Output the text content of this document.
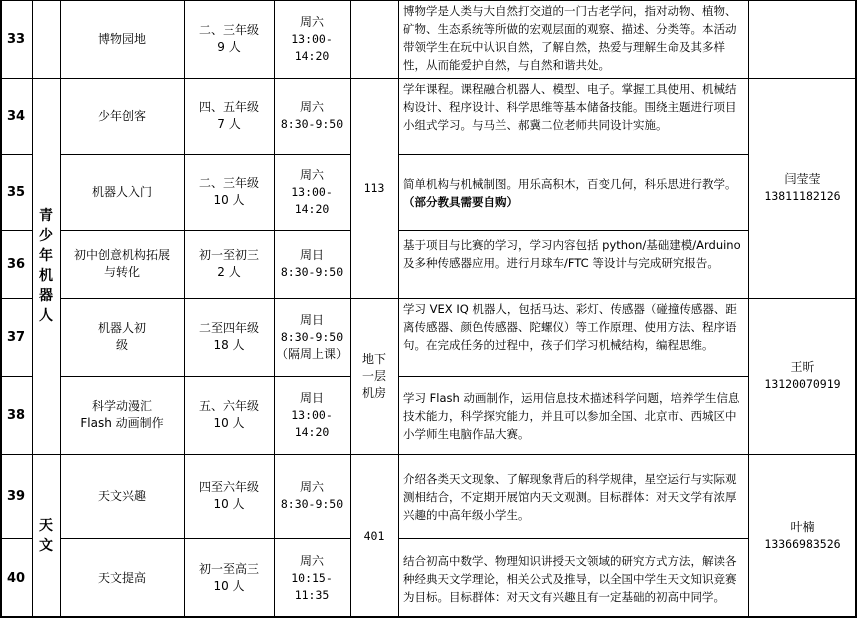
33
34
35
36
37
38
39
40
青少年机器人
天文
博物园地
少年创客
机器人入门
初中创意机构拓展与转化
机器人初级
科学动漫汇Flash 动画制作
天文兴趣
天文提高
二、三年级
9 人
四、五年级
7 人
二、三年级
10 人
初一至初三
2 人
二至四年级
18 人
五、六年级
10 人
四至六年级
10 人
初一至高三
10 人
周六
13:00-14:20
周六
8:30-9:50
周六
13:00-14:20
周日
8:30-9:50
周日
8:30-9:50
（隔周上课）
周日
13:00-14:20
周六
8:30-9:50
周六
10:15-11:35
113
地下一层机房
401
博物学是人类与大自然打交道的一门古老学问，指对动物、植物、矿物、生态系统等所做的宏观层面的观察、描述、分类等。本活动带领学生在玩中认识自然，了解自然，热爱与理解生命及其多样性，从而能爱护自然，与自然和谐共处。
学年课程。课程融合机器人、模型、电子。掌握工具使用、机械结构设计、程序设计、科学思维等基本储备技能。围绕主题进行项目小组式学习。与马兰、郝冀二位老师共同设计实施。
简单机构与机械制图。用乐高积木，百变几何，科乐思进行教学。
（部分教具需要自购）
基于项目与比赛的学习，学习内容包括 python/基础建模/Arduino 及多种传感器应用。进行月球车/FTC 等设计与完成研究报告。
学习 VEX IQ 机器人，包括马达、彩灯、传感器（碰撞传感器、距离传感器、颜色传感器、陀螺仪）等工作原理、使用方法、程序语句。在完成任务的过程中，孩子们学习机械结构，编程思维。
学习 Flash 动画制作，运用信息技术描述科学问题，培养学生信息技术能力，科学探究能力，并且可以参加全国、北京市、西城区中小学师生电脑作品大赛。
介绍各类天文现象、了解现象背后的科学规律，星空运行与实际观测相结合，不定期开展馆内天文观测。目标群体：对天文学有浓厚兴趣的中高年级小学生。
结合初高中数学、物理知识讲授天文领域的研究方式方法，解读各种经典天文学理论，相关公式及推导，以全国中学生天文知识竞赛为目标。目标群体：对天文有兴趣且有一定基础的初高中同学。
闫莹莹
13811182126
王昕
13120070919
叶楠
13366983526
